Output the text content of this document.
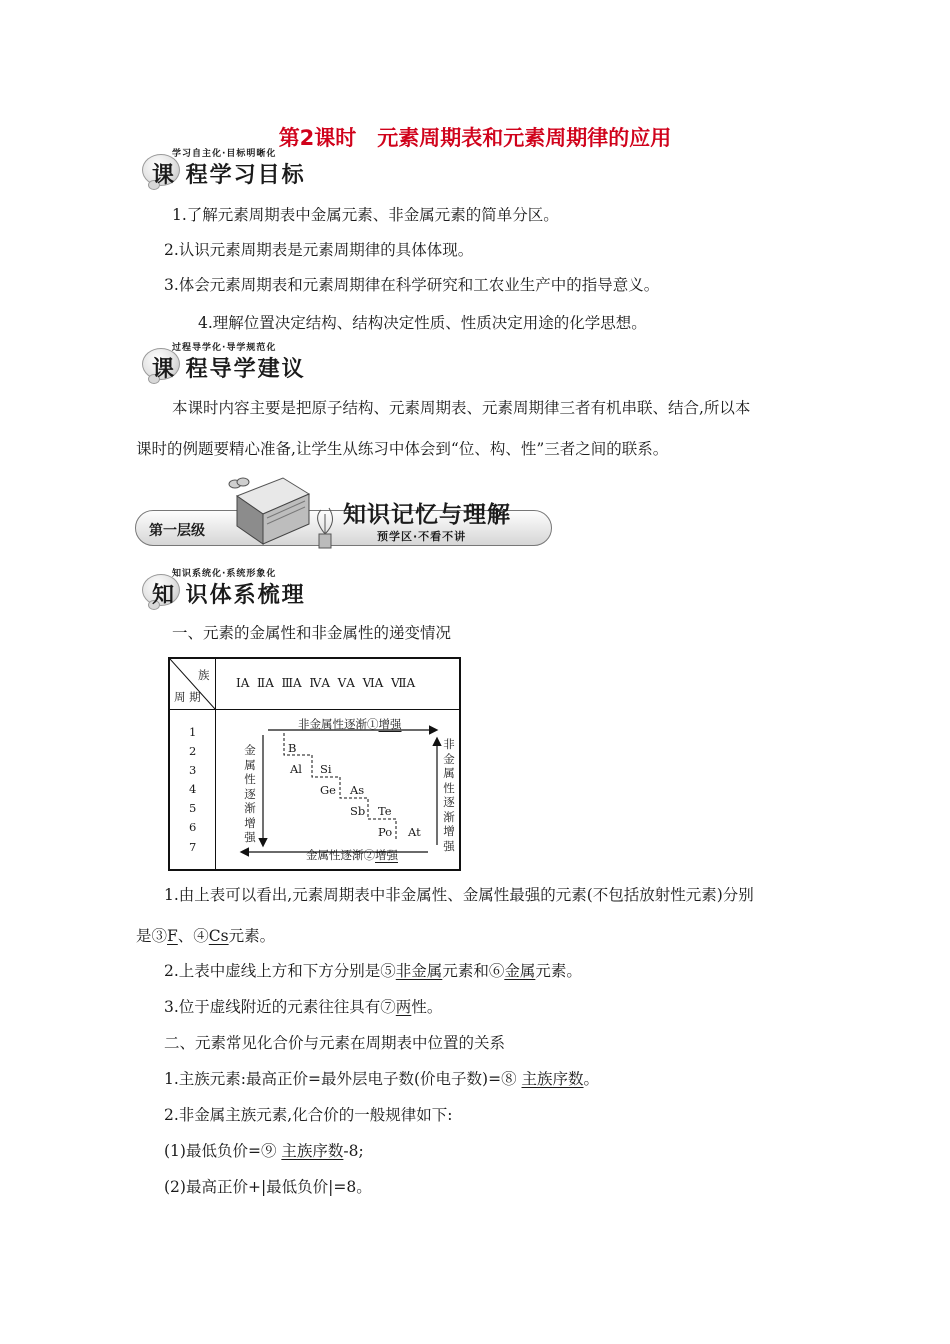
第2课时　元素周期表和元素周期律的应用
学习自主化·目标明晰化
课 程学习目标
1.了解元素周期表中金属元素、非金属元素的简单分区。
2.认识元素周期表是元素周期律的具体体现。
3.体会元素周期表和元素周期律在科学研究和工农业生产中的指导意义。
4.理解位置决定结构、结构决定性质、性质决定用途的化学思想。
过程导学化·导学规范化
课 程导学建议
本课时内容主要是把原子结构、元素周期表、元素周期律三者有机串联、结合,所以本
课时的例题要精心准备,让学生从练习中体会到“位、构、性”三者之间的联系。
第一层级
知识记忆与理解
预学区·不看不讲
知识系统化·系统形象化
知 识体系梳理
一、元素的金属性和非金属性的递变情况
族
周 期
ⅠA  ⅡA  ⅢA  ⅣA  ⅤA  ⅥA  ⅦA
1
2
3
4
5
6
7
非金属性逐渐①增强
金属性逐渐②增强
金属性逐渐增强
非金属性逐渐增强
B
Al Si
Ge As
Sb Te
Po At
1.由上表可以看出,元素周期表中非金属性、金属性最强的元素(不包括放射性元素)分别
是③F、④Cs元素。
2.上表中虚线上方和下方分别是⑤非金属元素和⑥金属元素。
3.位于虚线附近的元素往往具有⑦两性。
二、元素常见化合价与元素在周期表中位置的关系
1.主族元素:最高正价=最外层电子数(价电子数)=⑧ 主族序数。
2.非金属主族元素,化合价的一般规律如下:
(1)最低负价=⑨ 主族序数-8;
(2)最高正价+|最低负价|=8。
